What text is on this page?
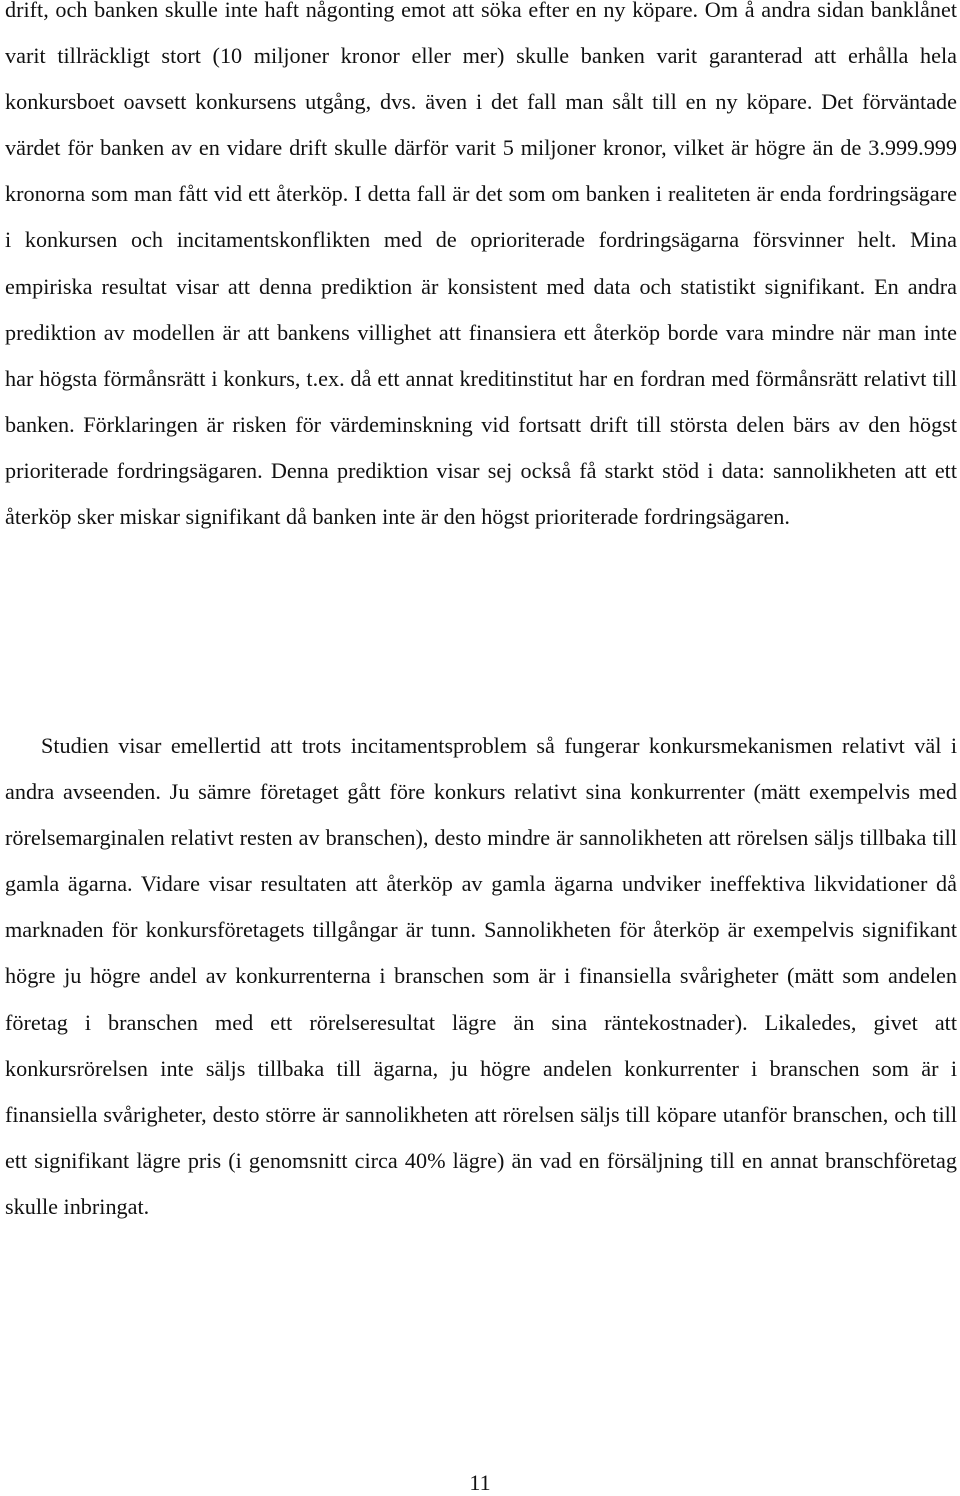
drift, och banken skulle inte haft någonting emot att söka efter en ny köpare. Om å andra sidan banklånet varit tillräckligt stort (10 miljoner kronor eller mer) skulle banken varit garanterad att erhålla hela konkursboet oavsett konkursens utgång, dvs. även i det fall man sålt till en ny köpare. Det förväntade värdet för banken av en vidare drift skulle därför varit 5 miljoner kronor, vilket är högre än de 3.999.999 kronorna som man fått vid ett återköp. I detta fall är det som om banken i realiteten är enda fordringsägare i konkursen och incitamentskonflikten med de oprioriterade fordringsägarna försvinner helt. Mina empiriska resultat visar att denna prediktion är konsistent med data och statistikt signifikant. En andra prediktion av modellen är att bankens villighet att finansiera ett återköp borde vara mindre när man inte har högsta förmånsrätt i konkurs, t.ex. då ett annat kreditinstitut har en fordran med förmånsrätt relativt till banken. Förklaringen är risken för värdeminskning vid fortsatt drift till största delen bärs av den högst prioriterade fordringsägaren. Denna prediktion visar sej också få starkt stöd i data: sannolikheten att ett återköp sker miskar signifikant då banken inte är den högst prioriterade fordringsägaren.

Studien visar emellertid att trots incitamentsproblem så fungerar konkursmekanismen relativt väl i andra avseenden. Ju sämre företaget gått före konkurs relativt sina konkurrenter (mätt exempelvis med rörelsemarginalen relativt resten av branschen), desto mindre är sannolikheten att rörelsen säljs tillbaka till gamla ägarna. Vidare visar resultaten att återköp av gamla ägarna undviker ineffektiva likvidationer då marknaden för konkursföretagets tillgångar är tunn. Sannolikheten för återköp är exempelvis signifikant högre ju högre andel av konkurrenterna i branschen som är i finansiella svårigheter (mätt som andelen företag i branschen med ett rörelseresultat lägre än sina räntekostnader). Likaledes, givet att konkursrörelsen inte säljs tillbaka till ägarna, ju högre andelen konkurrenter i branschen som är i finansiella svårigheter, desto större är sannolikheten att rörelsen säljs till köpare utanför branschen, och till ett signifikant lägre pris (i genomsnitt circa 40% lägre) än vad en försäljning till en annat branschföretag skulle inbringat.

11
